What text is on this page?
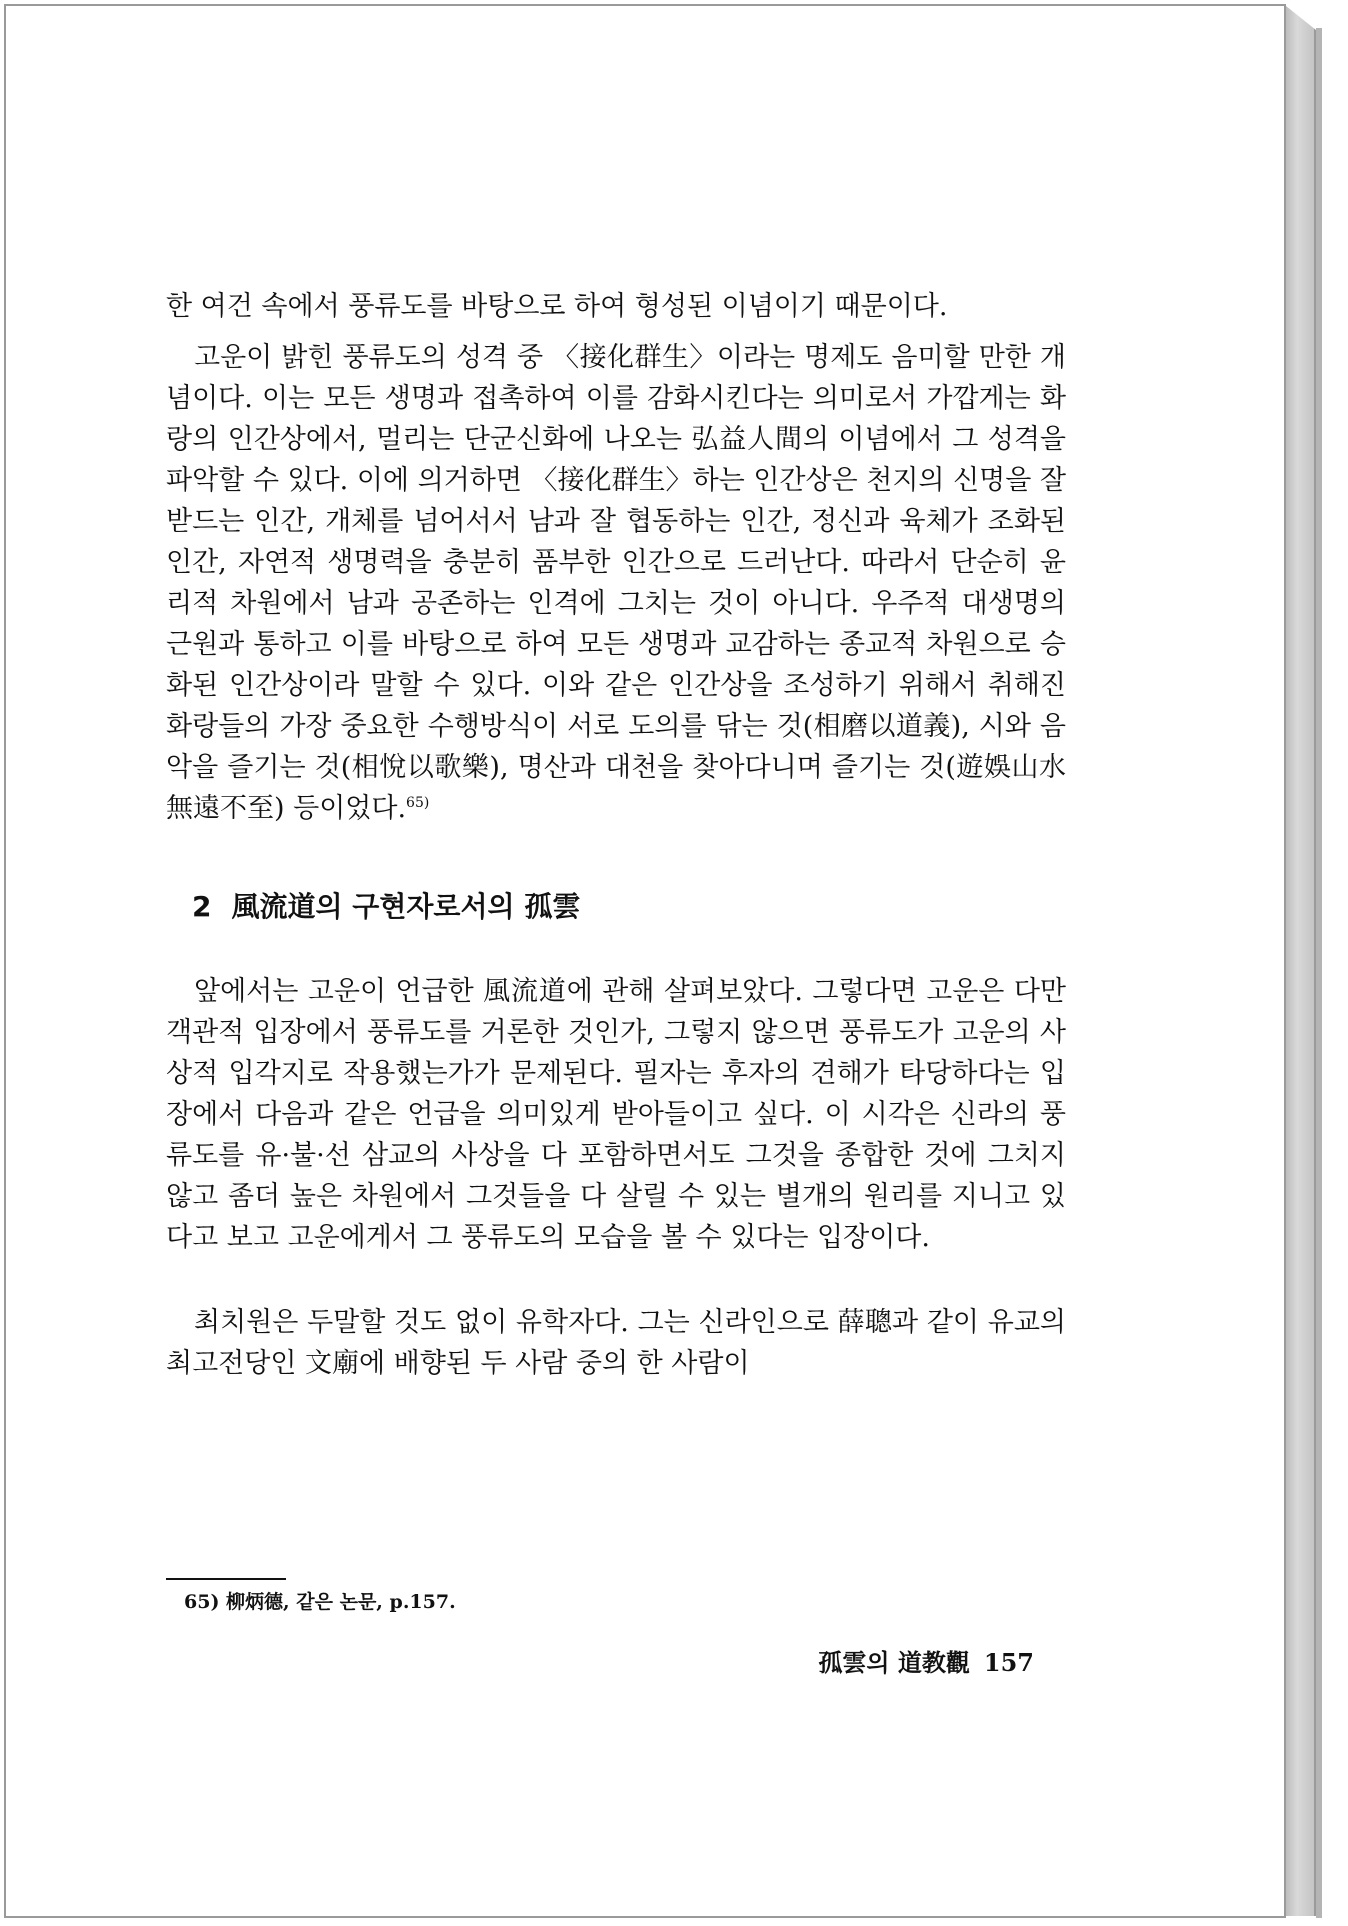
한 여건 속에서 풍류도를 바탕으로 하여 형성된 이념이기 때문이다.

고운이 밝힌 풍류도의 성격 중 〈接化群生〉이라는 명제도 음미할 만한 개념이다. 이는 모든 생명과 접촉하여 이를 감화시킨다는 의미로서 가깝게는 화랑의 인간상에서, 멀리는 단군신화에 나오는 弘益人間의 이념에서 그 성격을 파악할 수 있다. 이에 의거하면 〈接化群生〉하는 인간상은 천지의 신명을 잘 받드는 인간, 개체를 넘어서서 남과 잘 협동하는 인간, 정신과 육체가 조화된 인간, 자연적 생명력을 충분히 품부한 인간으로 드러난다. 따라서 단순히 윤리적 차원에서 남과 공존하는 인격에 그치는 것이 아니다. 우주적 대생명의 근원과 통하고 이를 바탕으로 하여 모든 생명과 교감하는 종교적 차원으로 승화된 인간상이라 말할 수 있다. 이와 같은 인간상을 조성하기 위해서 취해진 화랑들의 가장 중요한 수행방식이 서로 도의를 닦는 것(相磨以道義), 시와 음악을 즐기는 것(相悅以歌樂), 명산과 대천을 찾아다니며 즐기는 것(遊娛山水 無遠不至) 등이었다.$^{65)}$

2 風流道의 구현자로서의 孤雲

앞에서는 고운이 언급한 風流道에 관해 살펴보았다. 그렇다면 고운은 다만 객관적 입장에서 풍류도를 거론한 것인가, 그렇지 않으면 풍류도가 고운의 사상적 입각지로 작용했는가가 문제된다. 필자는 후자의 견해가 타당하다는 입장에서 다음과 같은 언급을 의미있게 받아들이고 싶다. 이 시각은 신라의 풍류도를 유·불·선 삼교의 사상을 다 포함하면서도 그것을 종합한 것에 그치지 않고 좀더 높은 차원에서 그것들을 다 살릴 수 있는 별개의 원리를 지니고 있다고 보고 고운에게서 그 풍류도의 모습을 볼 수 있다는 입장이다.

최치원은 두말할 것도 없이 유학자다. 그는 신라인으로 薛聰과 같이 유교의 최고전당인 文廟에 배향된 두 사람 중의 한 사람이

65) 柳炳德, 같은 논문, p.157.
孤雲의 道教觀 157
